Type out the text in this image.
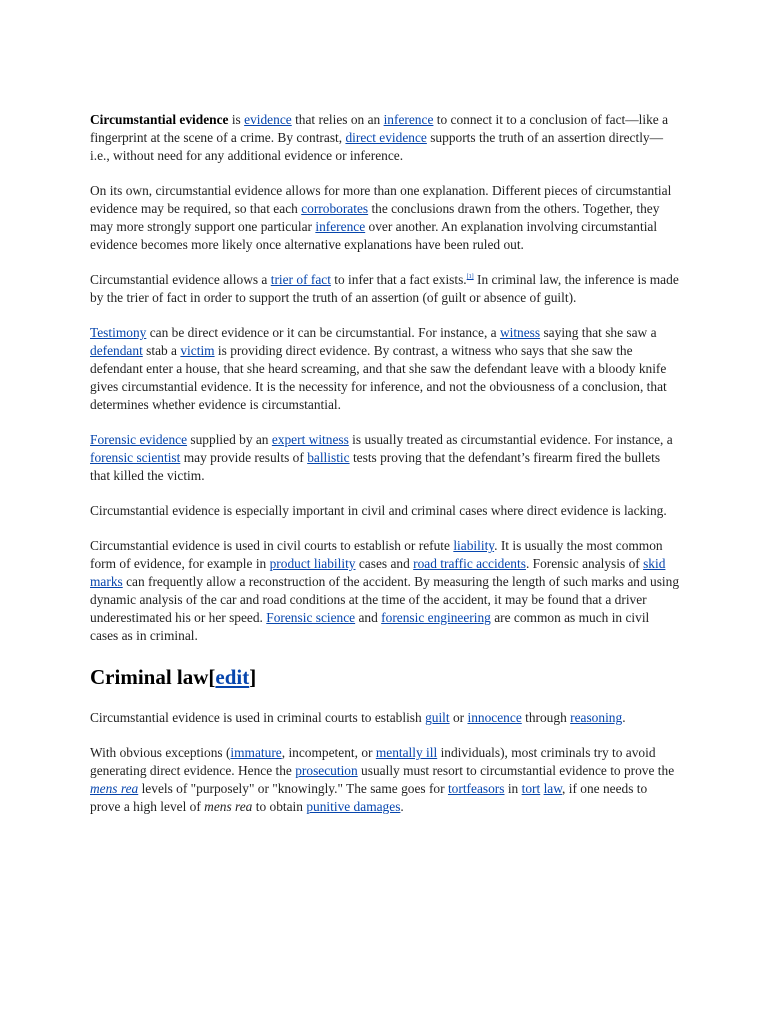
Circumstantial evidence is evidence that relies on an inference to connect it to a conclusion of fact—like a fingerprint at the scene of a crime. By contrast, direct evidence supports the truth of an assertion directly—i.e., without need for any additional evidence or inference.

On its own, circumstantial evidence allows for more than one explanation. Different pieces of circumstantial evidence may be required, so that each corroborates the conclusions drawn from the others. Together, they may more strongly support one particular inference over another. An explanation involving circumstantial evidence becomes more likely once alternative explanations have been ruled out.

Circumstantial evidence allows a trier of fact to infer that a fact exists.[1] In criminal law, the inference is made by the trier of fact in order to support the truth of an assertion (of guilt or absence of guilt).

Testimony can be direct evidence or it can be circumstantial. For instance, a witness saying that she saw a defendant stab a victim is providing direct evidence. By contrast, a witness who says that she saw the defendant enter a house, that she heard screaming, and that she saw the defendant leave with a bloody knife gives circumstantial evidence. It is the necessity for inference, and not the obviousness of a conclusion, that determines whether evidence is circumstantial.

Forensic evidence supplied by an expert witness is usually treated as circumstantial evidence. For instance, a forensic scientist may provide results of ballistic tests proving that the defendant’s firearm fired the bullets that killed the victim.

Circumstantial evidence is especially important in civil and criminal cases where direct evidence is lacking.

Circumstantial evidence is used in civil courts to establish or refute liability. It is usually the most common form of evidence, for example in product liability cases and road traffic accidents. Forensic analysis of skid marks can frequently allow a reconstruction of the accident. By measuring the length of such marks and using dynamic analysis of the car and road conditions at the time of the accident, it may be found that a driver underestimated his or her speed. Forensic science and forensic engineering are common as much in civil cases as in criminal.

Criminal law[edit]

Circumstantial evidence is used in criminal courts to establish guilt or innocence through reasoning.

With obvious exceptions (immature, incompetent, or mentally ill individuals), most criminals try to avoid generating direct evidence. Hence the prosecution usually must resort to circumstantial evidence to prove the mens rea levels of "purposely" or "knowingly." The same goes for tortfeasors in tort law, if one needs to prove a high level of mens rea to obtain punitive damages.
